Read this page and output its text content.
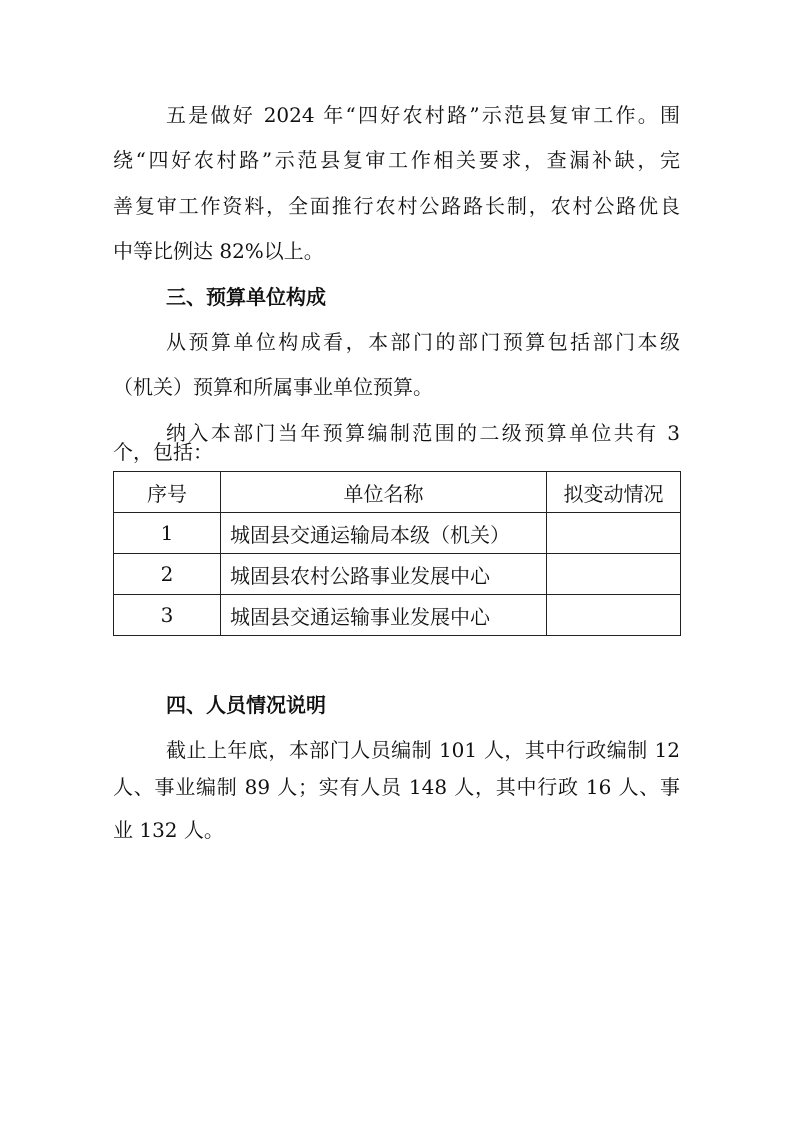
五是做好 2024 年“四好农村路”示范县复审工作。围
绕“四好农村路”示范县复审工作相关要求，查漏补缺，完
善复审工作资料，全面推行农村公路路长制，农村公路优良
中等比例达 82%以上。
三、预算单位构成
从预算单位构成看，本部门的部门预算包括部门本级
（机关）预算和所属事业单位预算。
纳入本部门当年预算编制范围的二级预算单位共有 3
个，包括：
序号	单位名称	拟变动情况
1	城固县交通运输局本级（机关）	
2	城固县农村公路事业发展中心	
3	城固县交通运输事业发展中心	
四、人员情况说明
截止上年底，本部门人员编制 101 人，其中行政编制 12
人、事业编制 89 人；实有人员 148 人，其中行政 16 人、事
业 132 人。
